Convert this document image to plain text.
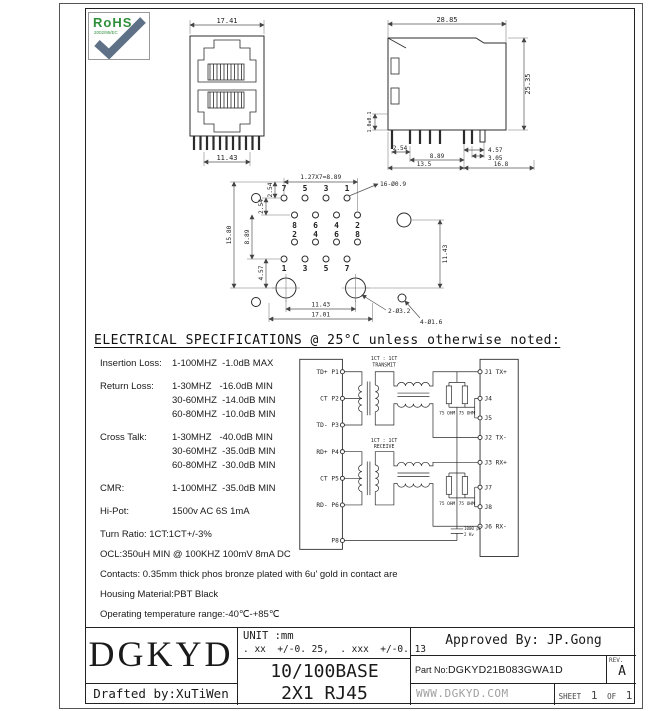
RoHS
2002/95/EC
17.41
11.43
28.85
25.35
1.0±0.1
2.54
8.89
4.57
3.05
13.5	16.8
7 5 3 1
8 6 4 2
2 4 6 8
1 3 5 7
1.27X7=8.89
2.54
2.54
15.80 8.89
4.57
11.43
11.43
17.01
16-Ø0.9
2-Ø3.2
4-Ø1.6
ELECTRICAL SPECIFICATIONS @ 25°C unless otherwise noted:
Insertion Loss:	1-100MHZ  -1.0dB MAX
Return Loss:	1-30MHZ   -16.0dB MIN
30-60MHZ  -14.0dB MIN
60-80MHZ  -10.0dB MIN
Cross Talk:	1-30MHZ   -40.0dB MIN
30-60MHZ  -35.0dB MIN
60-80MHZ  -30.0dB MIN
CMR:	1-100MHZ  -35.0dB MIN
Hi-Pot:	1500v AC 6S 1mA
Turn Ratio: 1CT:1CT+/-3%
OCL:350uH MIN @ 100KHZ 100mV 8mA DC
Contacts: 0.35mm thick phos bronze plated with 6u' gold in contact are
Housing Material:PBT Black
Operating temperature range:-40℃-+85℃
TD+ P1
CT P2
TD- P3
RD+ P4
CT P5
RD- P6
P8
J1 TX+
J4
J5
J2 TX-
J3 RX+
J7
J8
J6 RX-
1CT : 1CT
TRANSMIT
1CT : 1CT
RECEIVE
75 OHM 75 OHM
75 OHM 75 OHM
1000 pF
2 Kv
DGKYD
Drafted by:XuTiWen
UNIT :mm
. xx  +/-0. 25,  . xxx  +/-0. 13
10/100BASE
2X1 RJ45
Approved By: JP.Gong
Part No: DGKYD21B083GWA1D
REV.
A
WWW.DGKYD.COM	SHEET 1 OF 1
